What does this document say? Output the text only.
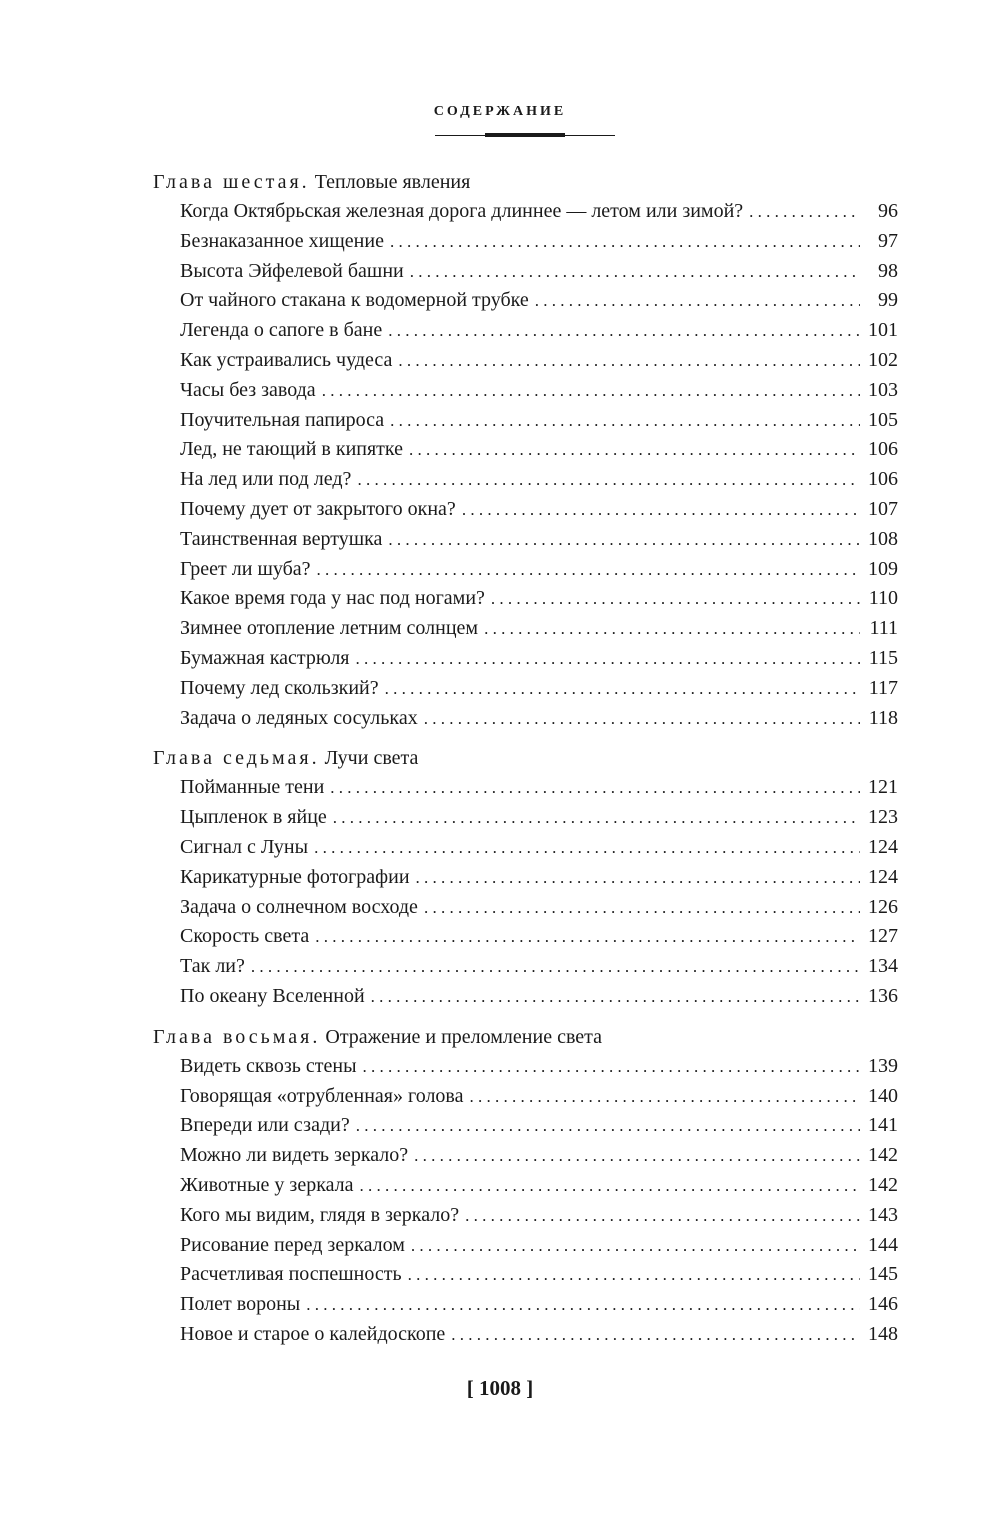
СОДЕРЖАНИЕ
Глава шестая. Тепловые явления
Когда Октябрьская железная дорога длиннее — летом или зимой? . . .	96
Безнаказанное хищение . . .	97
Высота Эйфелевой башни . . .	98
От чайного стакана к водомерной трубке . . .	99
Легенда о сапоге в бане . . .	101
Как устраивались чудеса . . .	102
Часы без завода . . .	103
Поучительная папироса . . .	105
Лед, не тающий в кипятке . . .	106
На лед или под лед? . . .	106
Почему дует от закрытого окна? . . .	107
Таинственная вертушка . . .	108
Греет ли шуба? . . .	109
Какое время года у нас под ногами? . . .	110
Зимнее отопление летним солнцем . . .	111
Бумажная кастрюля . . .	115
Почему лед скользкий? . . .	117
Задача о ледяных сосульках . . .	118
Глава седьмая. Лучи света
Пойманные тени . . .	121
Цыпленок в яйце . . .	123
Сигнал с Луны . . .	124
Карикатурные фотографии . . .	124
Задача о солнечном восходе . . .	126
Скорость света . . .	127
Так ли? . . .	134
По океану Вселенной . . .	136
Глава восьмая. Отражение и преломление света
Видеть сквозь стены . . .	139
Говорящая «отрубленная» голова . . .	140
Впереди или сзади? . . .	141
Можно ли видеть зеркало? . . .	142
Животные у зеркала . . .	142
Кого мы видим, глядя в зеркало? . . .	143
Рисование перед зеркалом . . .	144
Расчетливая поспешность . . .	145
Полет вороны . . .	146
Новое и старое о калейдоскопе . . .	148
[ 1008 ]
